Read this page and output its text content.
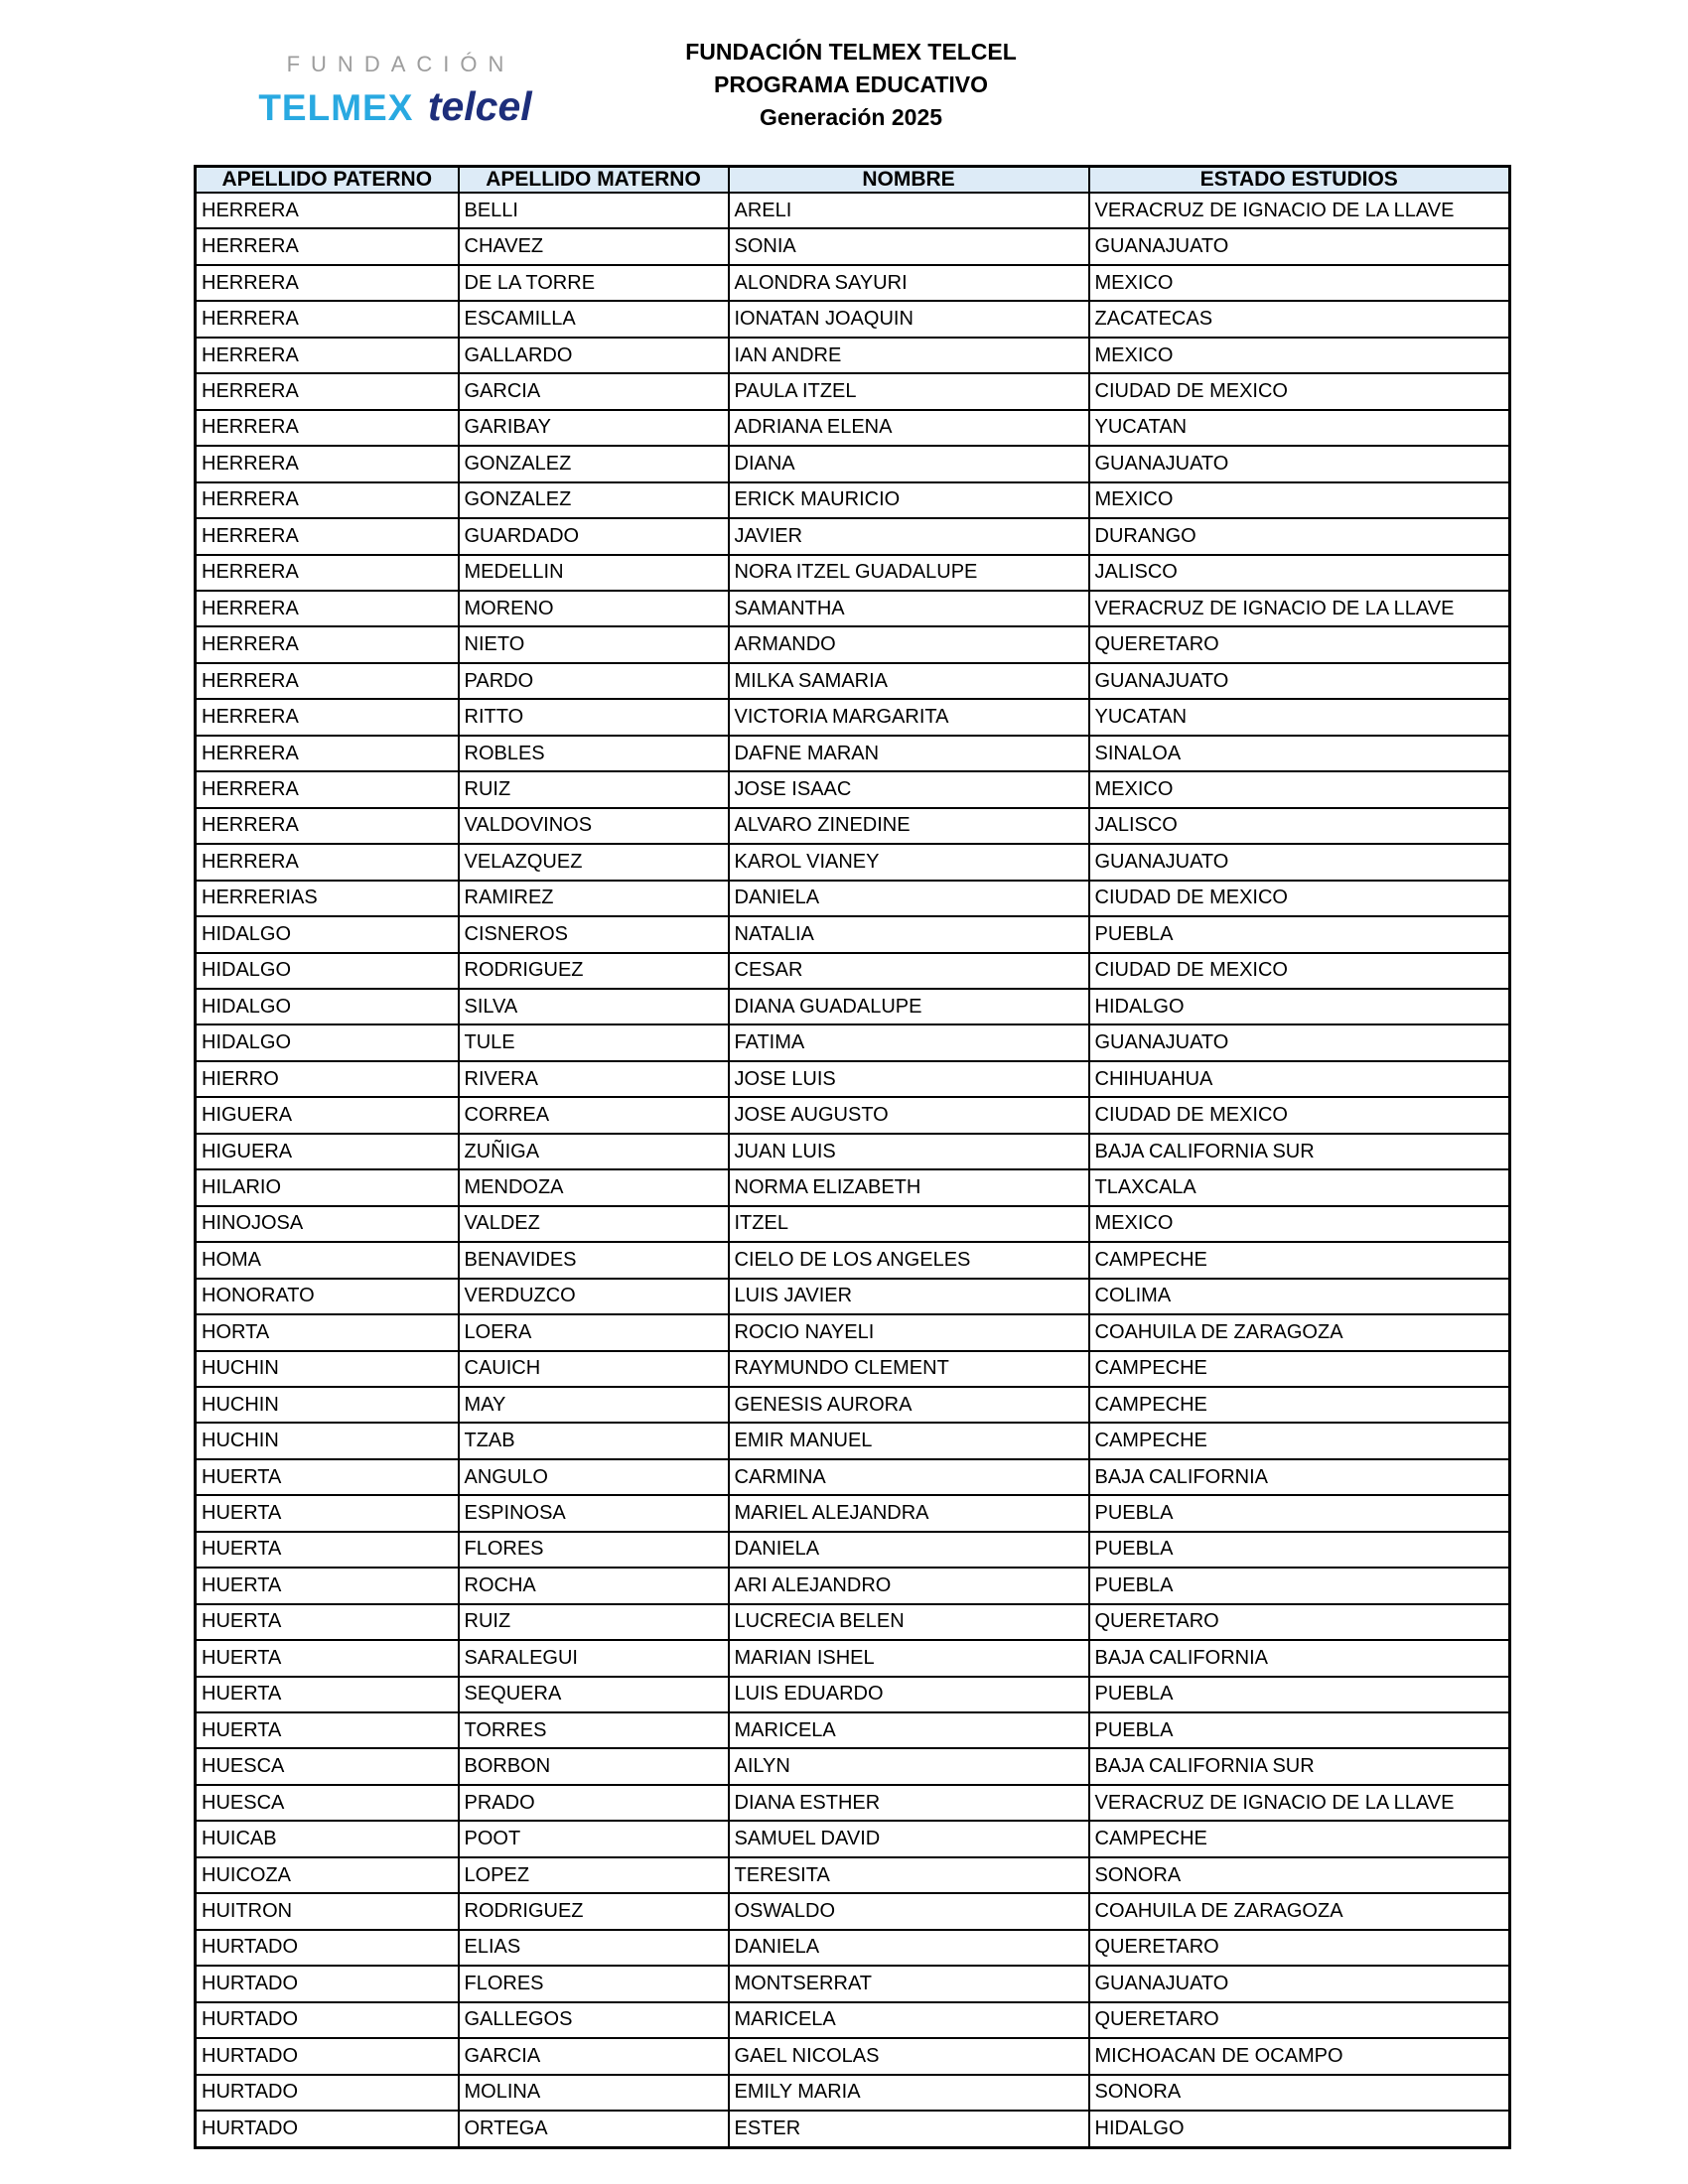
FUNDACIÓN
TELMEX telcel
FUNDACIÓN TELMEX TELCEL
PROGRAMA EDUCATIVO
Generación 2025
APELLIDO PATERNO	APELLIDO MATERNO	NOMBRE	ESTADO ESTUDIOS
HERRERA	BELLI	ARELI	VERACRUZ DE IGNACIO DE LA LLAVE
HERRERA	CHAVEZ	SONIA	GUANAJUATO
HERRERA	DE LA TORRE	ALONDRA SAYURI	MEXICO
HERRERA	ESCAMILLA	IONATAN JOAQUIN	ZACATECAS
HERRERA	GALLARDO	IAN ANDRE	MEXICO
HERRERA	GARCIA	PAULA ITZEL	CIUDAD DE MEXICO
HERRERA	GARIBAY	ADRIANA ELENA	YUCATAN
HERRERA	GONZALEZ	DIANA	GUANAJUATO
HERRERA	GONZALEZ	ERICK MAURICIO	MEXICO
HERRERA	GUARDADO	JAVIER	DURANGO
HERRERA	MEDELLIN	NORA ITZEL GUADALUPE	JALISCO
HERRERA	MORENO	SAMANTHA	VERACRUZ DE IGNACIO DE LA LLAVE
HERRERA	NIETO	ARMANDO	QUERETARO
HERRERA	PARDO	MILKA SAMARIA	GUANAJUATO
HERRERA	RITTO	VICTORIA MARGARITA	YUCATAN
HERRERA	ROBLES	DAFNE MARAN	SINALOA
HERRERA	RUIZ	JOSE ISAAC	MEXICO
HERRERA	VALDOVINOS	ALVARO ZINEDINE	JALISCO
HERRERA	VELAZQUEZ	KAROL VIANEY	GUANAJUATO
HERRERIAS	RAMIREZ	DANIELA	CIUDAD DE MEXICO
HIDALGO	CISNEROS	NATALIA	PUEBLA
HIDALGO	RODRIGUEZ	CESAR	CIUDAD DE MEXICO
HIDALGO	SILVA	DIANA GUADALUPE	HIDALGO
HIDALGO	TULE	FATIMA	GUANAJUATO
HIERRO	RIVERA	JOSE LUIS	CHIHUAHUA
HIGUERA	CORREA	JOSE AUGUSTO	CIUDAD DE MEXICO
HIGUERA	ZUÑIGA	JUAN LUIS	BAJA CALIFORNIA SUR
HILARIO	MENDOZA	NORMA ELIZABETH	TLAXCALA
HINOJOSA	VALDEZ	ITZEL	MEXICO
HOMA	BENAVIDES	CIELO DE LOS ANGELES	CAMPECHE
HONORATO	VERDUZCO	LUIS JAVIER	COLIMA
HORTA	LOERA	ROCIO NAYELI	COAHUILA DE ZARAGOZA
HUCHIN	CAUICH	RAYMUNDO CLEMENT	CAMPECHE
HUCHIN	MAY	GENESIS AURORA	CAMPECHE
HUCHIN	TZAB	EMIR MANUEL	CAMPECHE
HUERTA	ANGULO	CARMINA	BAJA CALIFORNIA
HUERTA	ESPINOSA	MARIEL ALEJANDRA	PUEBLA
HUERTA	FLORES	DANIELA	PUEBLA
HUERTA	ROCHA	ARI ALEJANDRO	PUEBLA
HUERTA	RUIZ	LUCRECIA BELEN	QUERETARO
HUERTA	SARALEGUI	MARIAN ISHEL	BAJA CALIFORNIA
HUERTA	SEQUERA	LUIS EDUARDO	PUEBLA
HUERTA	TORRES	MARICELA	PUEBLA
HUESCA	BORBON	AILYN	BAJA CALIFORNIA SUR
HUESCA	PRADO	DIANA ESTHER	VERACRUZ DE IGNACIO DE LA LLAVE
HUICAB	POOT	SAMUEL DAVID	CAMPECHE
HUICOZA	LOPEZ	TERESITA	SONORA
HUITRON	RODRIGUEZ	OSWALDO	COAHUILA DE ZARAGOZA
HURTADO	ELIAS	DANIELA	QUERETARO
HURTADO	FLORES	MONTSERRAT	GUANAJUATO
HURTADO	GALLEGOS	MARICELA	QUERETARO
HURTADO	GARCIA	GAEL NICOLAS	MICHOACAN DE OCAMPO
HURTADO	MOLINA	EMILY MARIA	SONORA
HURTADO	ORTEGA	ESTER	HIDALGO
